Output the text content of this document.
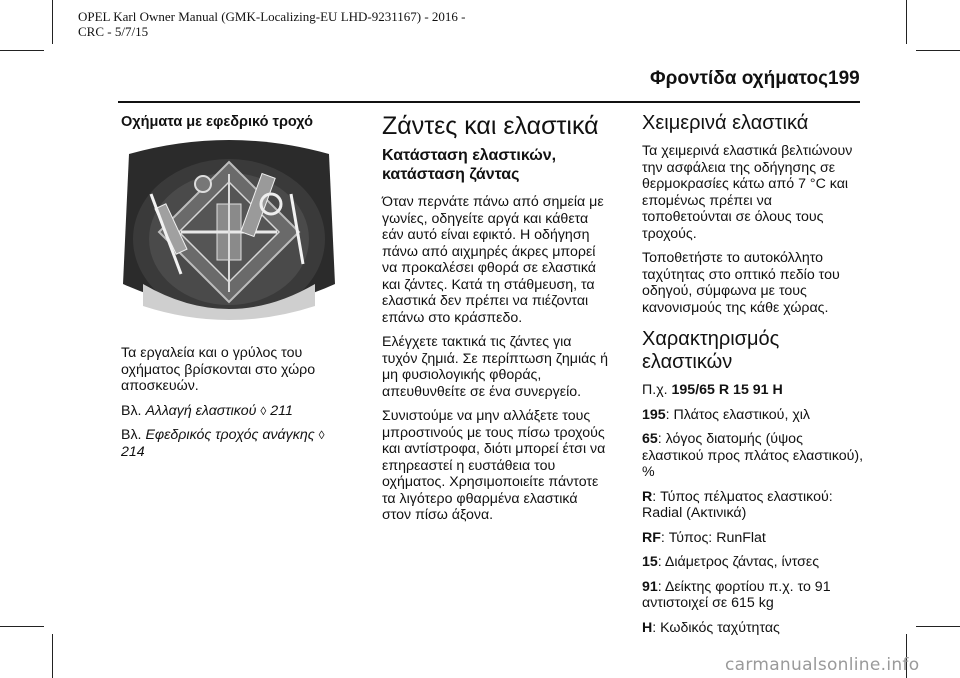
OPEL Karl Owner Manual (GMK-Localizing-EU LHD-9231167) - 2016 -
CRC - 5/7/15
Φροντίδα οχήματος 199
Οχήματα με εφεδρικό τροχό

Τα εργαλεία και ο γρύλος του οχήματος βρίσκονται στο χώρο αποσκευών.

Βλ. Αλλαγή ελαστικού ◊ 211

Βλ. Εφεδρικός τροχός ανάγκης ◊ 214

Ζάντες και ελαστικά
Κατάσταση ελαστικών, κατάσταση ζάντας

Όταν περνάτε πάνω από σημεία με γωνίες, οδηγείτε αργά και κάθετα εάν αυτό είναι εφικτό. Η οδήγηση πάνω από αιχμηρές άκρες μπορεί να προκαλέσει φθορά σε ελαστικά και ζάντες. Κατά τη στάθμευση, τα ελαστικά δεν πρέπει να πιέζονται επάνω στο κράσπεδο.

Ελέγχετε τακτικά τις ζάντες για τυχόν ζημιά. Σε περίπτωση ζημιάς ή μη φυσιολογικής φθοράς, απευθυνθείτε σε ένα συνεργείο.

Συνιστούμε να μην αλλάξετε τους μπροστινούς με τους πίσω τροχούς και αντίστροφα, διότι μπορεί έτσι να επηρεαστεί η ευστάθεια του οχήματος. Χρησιμοποιείτε πάντοτε τα λιγότερο φθαρμένα ελαστικά στον πίσω άξονα.

Χειμερινά ελαστικά

Τα χειμερινά ελαστικά βελτιώνουν την ασφάλεια της οδήγησης σε θερμοκρασίες κάτω από 7 °C και επομένως πρέπει να τοποθετούνται σε όλους τους τροχούς.

Τοποθετήστε το αυτοκόλλητο ταχύτητας στο οπτικό πεδίο του οδηγού, σύμφωνα με τους κανονισμούς της κάθε χώρας.

Χαρακτηρισμός ελαστικών

Π.χ. 195/65 R 15 91 H

195: Πλάτος ελαστικού, χιλ

65: λόγος διατομής (ύψος ελαστικού προς πλάτος ελαστικού), %

R: Τύπος πέλματος ελαστικού: Radial (Ακτινικά)

RF: Τύπος: RunFlat

15: Διάμετρος ζάντας, ίντσες

91: Δείκτης φορτίου π.χ. το 91 αντιστοιχεί σε 615 kg

H: Κωδικός ταχύτητας

carmanualsonline.info
